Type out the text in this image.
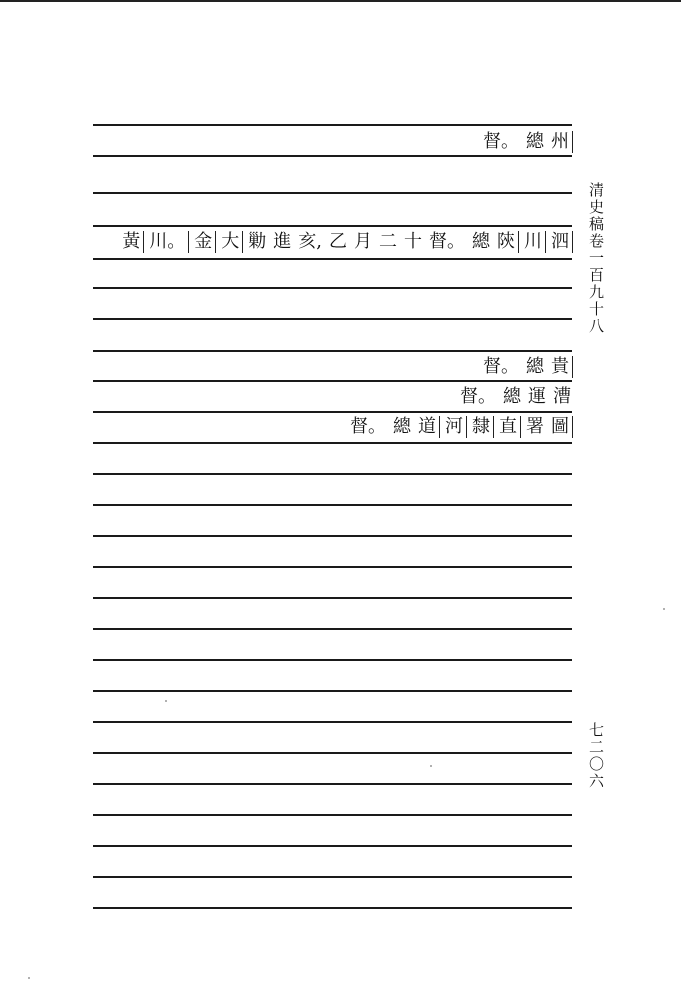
州
總
督。
泗
川
陝
總
督。
十
二
月
乙
亥,
進
勦
大
金
川。
黃
貴
總
督。
漕
運
總
督。
圖
署
直
隸
河
道
總
督。
清史稿卷一百九十八
七二〇六
